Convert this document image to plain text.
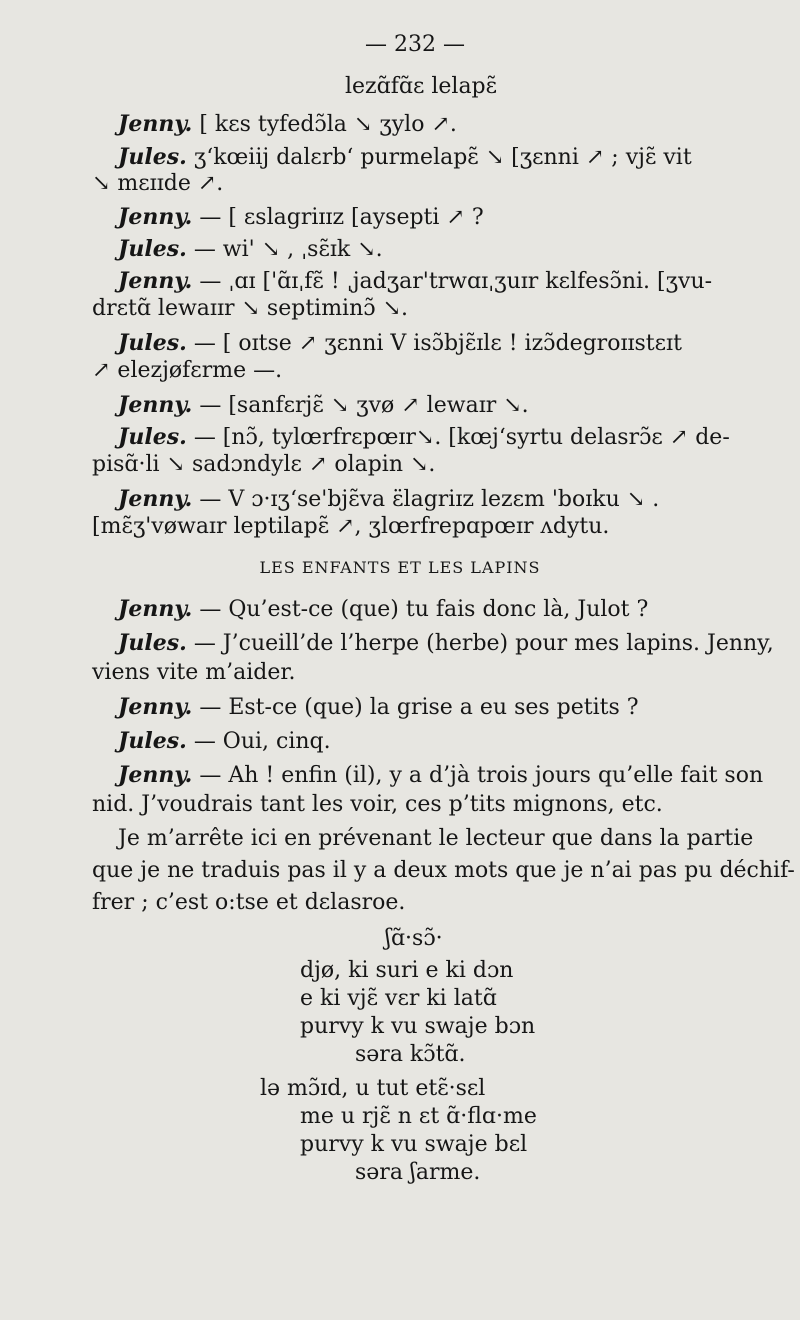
— 232 —
lezɑ̃fɑ̃ɛ lelapɛ̃
Jenny. [ kɛs tyfedɔ̃la ↘ ʒylo ↗.
Jules. ʒ‘kœiij dalɛrb‘ purmelapɛ̃ ↘ [ʒɛnni ↗ ; vjɛ̃ vit
↘ mɛɪɪde ↗.
Jenny. — [ ɛslagriɪɪz [aysepti ↗ ?
Jules. — wi' ↘ , ˌsɛ̃ɪk ↘.
Jenny. — ˌɑɪ ['ɑ̃ɪˌfɛ̃ ! ˌjadʒar'trwɑɪˌʒuɪr kɛlfesɔ̃ni. [ʒvu-
drɛtɑ̃ lewaɪɪr ↘ septiminɔ̃ ↘.
Jules. — [ oɪtse ↗ ʒɛnni V isɔ̃bjɛ̃ɪlɛ ! izɔ̃degroɪɪstɛɪt
↗ elezjøfɛrme —.
Jenny. — [sanfɛrjɛ̃ ↘ ʒvø ↗ lewaɪr ↘.
Jules. — [nɔ̃, tylœrfrɛpœɪr↘. [kœj‘syrtu delasrɔ̃ɛ ↗ de-
pisɑ̃·li ↘ sadɔndylɛ ↗ olapin ↘.
Jenny. — V ɔ·ɪʒ‘se'bjɛ̃va ɛ̈lagriɪz lezɛm 'boɪku ↘ .
[mɛ̃ʒ'vøwaɪr leptilapɛ̃ ↗, ʒlœrfrepɑpœɪr ʌdytu.
LES ENFANTS ET LES LAPINS
Jenny. — Qu’est-ce (que) tu fais donc là, Julot ?
Jules. — J’cueill’de l’herpe (herbe) pour mes lapins. Jenny,
viens vite m’aider.
Jenny. — Est-ce (que) la grise a eu ses petits ?
Jules. — Oui, cinq.
Jenny. — Ah ! enfin (il), y a d’jà trois jours qu’elle fait son
nid. J’voudrais tant les voir, ces p’tits mignons, etc.
Je m’arrête ici en prévenant le lecteur que dans la partie
que je ne traduis pas il y a deux mots que je n’ai pas pu déchif-
frer ; c’est o:tse et dɛlasroe.
ʃɑ̃·sɔ̃·
djø, ki suri e ki dɔn
e ki vjɛ̃ vɛr ki latɑ̃
purvy k vu swaje bɔn
səra kɔ̃tɑ̃.
lə mɔ̃ɪd, u tut etɛ̃·sɛl
me u rjɛ̃ n ɛt ɑ̃·flɑ·me
purvy k vu swaje bɛl
səra ʃarme.
